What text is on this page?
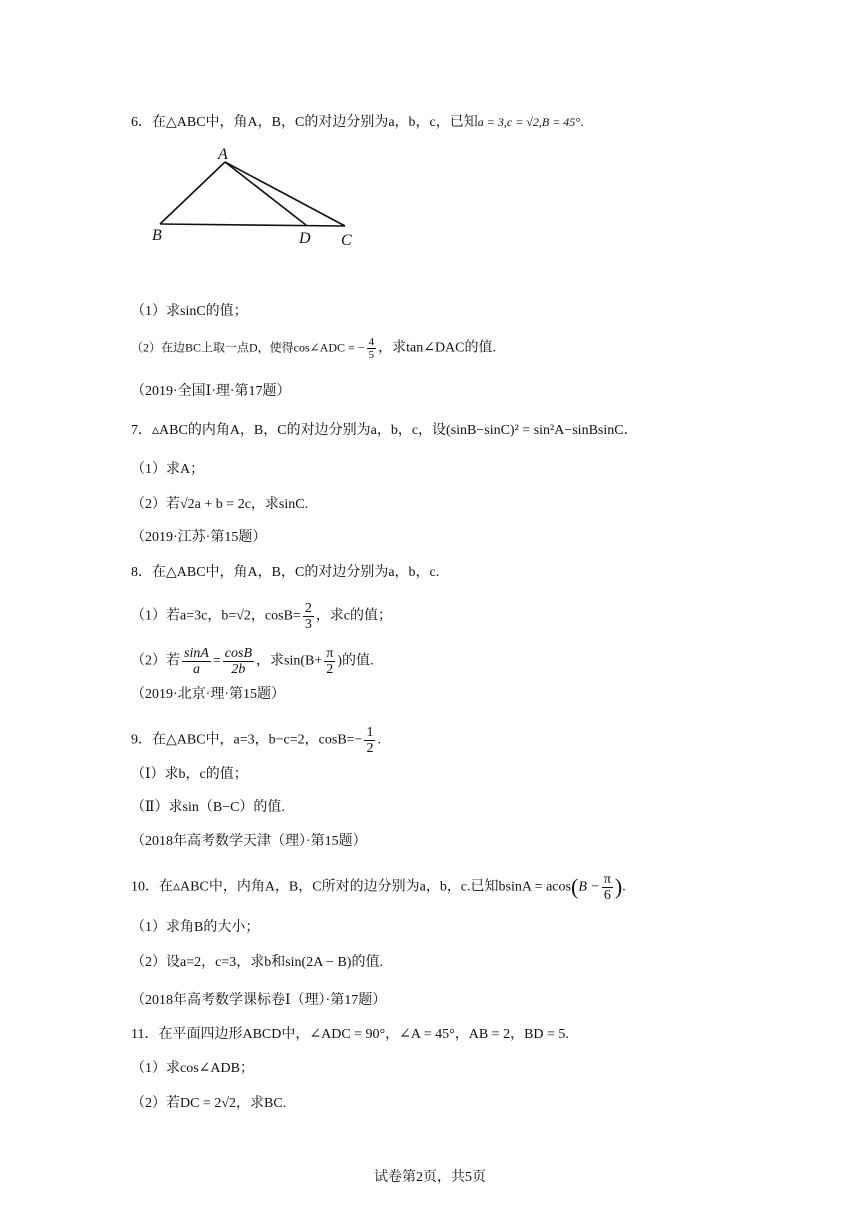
6．在△ABC中，角A，B，C的对边分别为a，b，c，已知a = 3,c = √2,B = 45°．
A
B	C
D
（1）求sinC的值；
（2）在边BC上取一点D，使得cos∠ADC = − $\frac{4}{5}$ ，求tan∠DAC的值.
（2019·全国Ⅰ·理·第17题）
7．▵ABC的内角A，B，C的对边分别为a，b，c，设(sinB−sinC)² = sin²A−sinBsinC．
（1）求A；
（2）若√2a + b = 2c，求sinC.
（2019·江苏·第15题）
8．在△ABC中，角A，B，C的对边分别为a，b，c.
（1）若a=3c，b=√2，$\cos B= \frac{2}{3}$ ，求c的值；
（2）若 $\frac{\sin A}{a} = \frac{\cos B}{2b}$ ，求$\sin(B+ \frac{\pi}{2}$ )的值.
（2019·北京·理·第15题）
9．在△ABC中，a=3，b−c=2，$\cos B=- \frac{1}{2}$ .
（Ⅰ）求b，c的值；
（Ⅱ）求sin（B−C）的值.
（2018年高考数学天津（理）·第15题）
10．在▵ABC中，内角A，B，C所对的边分别为a，b，c.已知$bsinA = acos(B - \frac{\pi}{6}$ ).
（1）求角B的大小；
（2）设a=2，c=3，求b和sin(2A − B)的值.
（2018年高考数学课标卷Ⅰ（理）·第17题）
11．在平面四边形ABCD中，∠ADC = 90°，∠A = 45°，AB = 2，BD = 5.
（1）求cos∠ADB；
（2）若DC = 2√2，求BC.
试卷第2页，共5页
